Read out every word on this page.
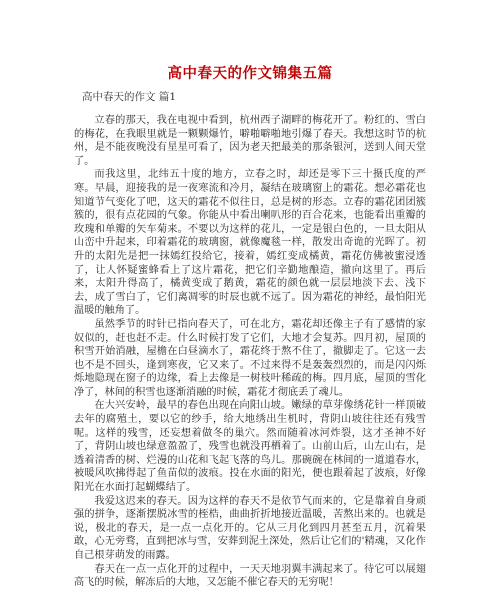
高中春天的作文锦集五篇
高中春天的作文 篇1

立春的那天，我在电视中看到，杭州西子湖畔的梅花开了。粉红的、雪白的梅花，在我眼里就是一颗颗爆竹，噼啪噼啪地引爆了春天。我想这时节的杭州，是不能夜晚没有星星可看了，因为老天把最美的那条银河，送到人间天堂了。

而我这里，北纬五十度的地方，立春之时，却还是零下三十摄氏度的严寒。早晨，迎接我的是一夜寒流和冷月，凝结在玻璃窗上的霜花。想必霜花也知道节气变化了吧，这天的霜花不似往日，总是树的形态。立春的霜花团团簇簇的，很有点花园的气象。你能从中看出喇叭形的百合花来，也能看出重瓣的玫瑰和单瓣的矢车菊来。不要以为这样的花儿，一定是银白色的，一旦太阳从山峦中升起来，印着霜花的玻璃窗，就像魔毯一样，散发出奇诡的光晖了。初升的太阳先是把一抹嫣红投给它，接着，嫣红变成橘黄，霜花仿佛被蜜浸透了，让人怀疑蜜蜂看上了这片霜花，把它们辛勤地酿造，撤向这里了。再后来，太阳升得高了，橘黄变成了鹅黄，霜花的颜色就一层层地淡下去、浅下去，成了雪白了，它们离凋零的时辰也就不远了。因为霜花的神经，最怕阳光温暖的触角了。

虽然季节的时针已指向春天了，可在北方，霜花却还像主子有了感情的家奴似的，赶也赶不走。什么时候打发了它们，大地才会复苏。四月初，屋顶的积雪开始消融，屋檐在白昼滴水了，霜花终于熬不住了，撤脚走了。它这一去也不是不回头，逢到寒夜，它又来了。不过来得不是轰轰烈烈的，而是闪闪烁烁地隐现在窗子的边缘，看上去像是一树枝叶稀疏的梅。四月底，屋顶的雪化净了，林间的积雪也逐渐消融的时候，霜花才彻底丢了魂儿。

在大兴安岭，最早的春色出现在向阳山坡。嫩绿的草芽像绣花针一样顶破去年的腐殖土，要以它的纱手，给大地绣出生机时，背阴山坡往往还有残雪呢。这样的残雪，还妄想着做冬的巢穴。然而随着冰河炸裂，这才圣神不好了，背阴山坡也绿意盈盈了，残雪也就没再栖着了。山前山后，山左山右，是透着清香的树、烂漫的山花和飞起飞落的鸟儿。那碗碗在林间的一道道春水，被暖风吹拂得起了鱼苗似的波痕。投在水面的阳光，便也跟着起了波痕，好像阳光在水面打起蝴蝶结了。

我爱这迟来的春天。因为这样的春天不是依节气而来的，它是靠着自身顽强的拼争，逐渐摆脱冰雪的桎梏，曲曲折折地接近温暖，苦熬出来的。也就是说，极北的春天，是一点一点化开的。它从三月化到四月甚至五月，沉着果敢，心无旁骛，直到把冰与雪，安葬到泥土深处，然后让它们的'精魂，又化作自己根芽萌发的雨露。

春天在一点一点化开的过程中，一天天地羽翼丰满起来了。待它可以展翅高飞的时候，解冻后的大地，又怎能不催它春天的无穷呢！
